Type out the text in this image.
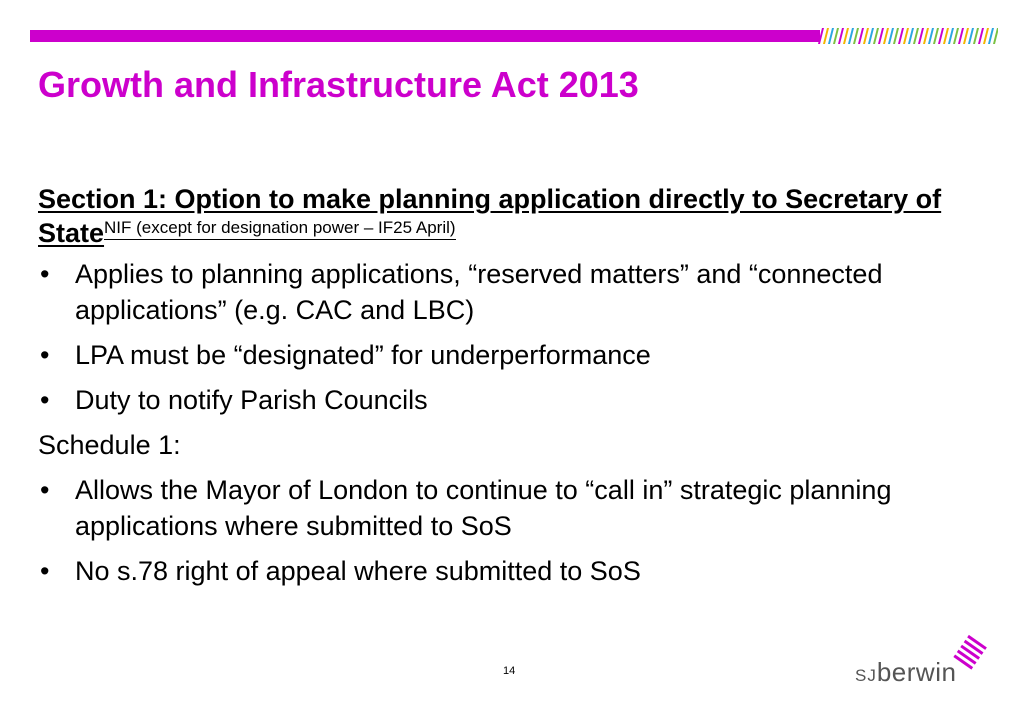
Growth and Infrastructure Act 2013
Section 1: Option to make planning application directly to Secretary of State$^{NIF (except for designation power - IF25 April)}$
• Applies to planning applications, “reserved matters” and “connected applications” (e.g. CAC and LBC)
• LPA must be “designated” for underperformance
• Duty to notify Parish Councils
Schedule 1:
• Allows the Mayor of London to continue to “call in” strategic planning applications where submitted to SoS
• No s.78 right of appeal where submitted to SoS
14	SJberwin
